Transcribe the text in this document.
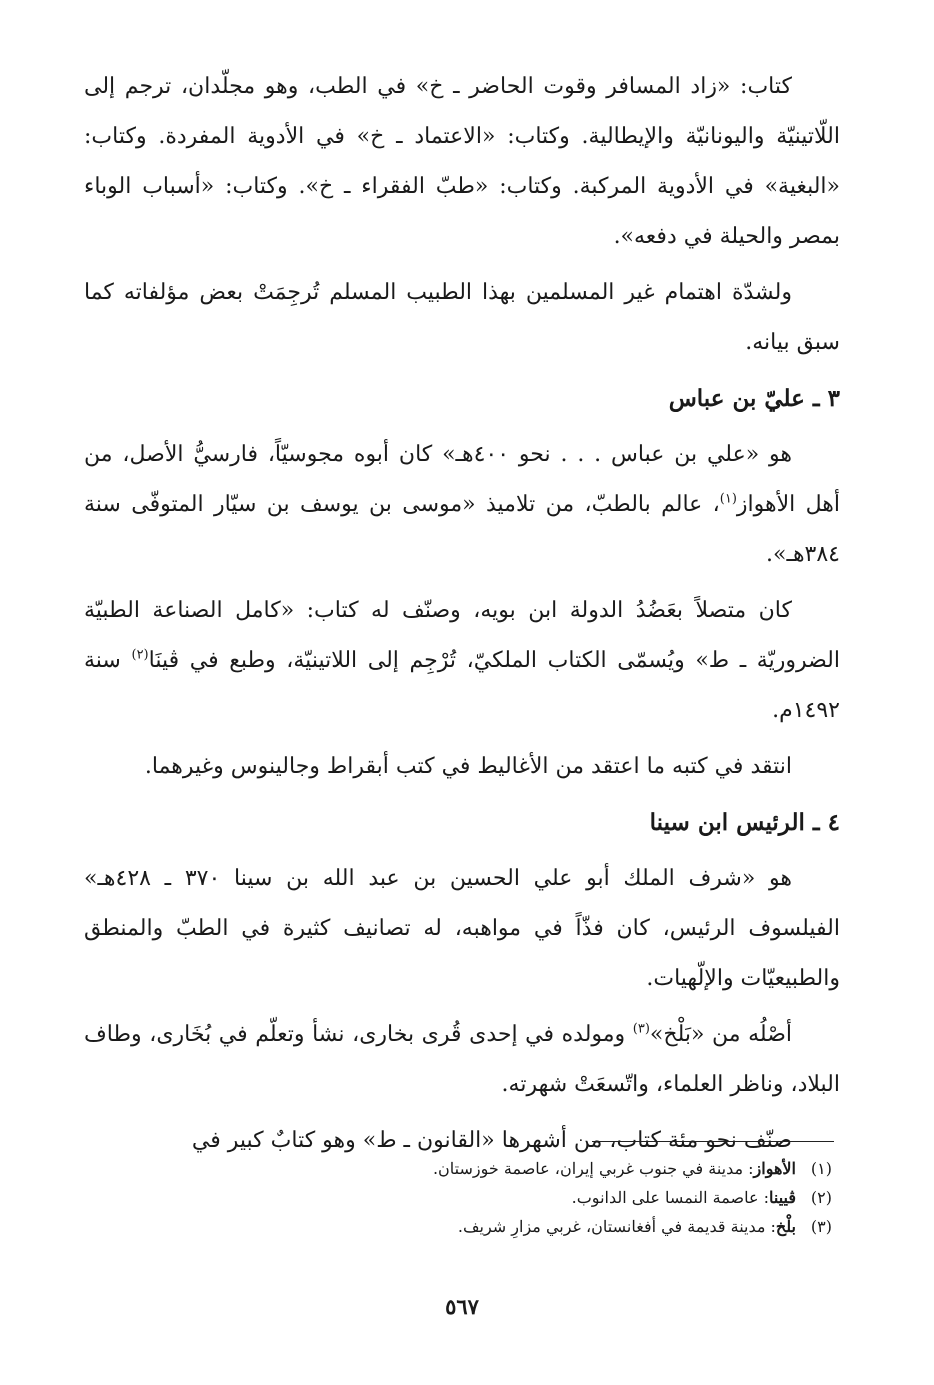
كتاب: «زاد المسافر وقوت الحاضر ـ خ» في الطب، وهو مجلّدان، ترجم إلى اللّاتينيّة واليونانيّة والإيطالية. وكتاب: «الاعتماد ـ خ» في الأدوية المفردة. وكتاب: «البغية» في الأدوية المركبة. وكتاب: «طبّ الفقراء ـ خ». وكتاب: «أسباب الوباء بمصر والحيلة في دفعه».

ولشدّة اهتمام غير المسلمين بهذا الطبيب المسلم تُرجِمَتْ بعض مؤلفاته كما سبق بيانه.

٣ ـ عليّ بن عباس

هو «علي بن عباس . . . نحو ٤٠٠هـ» كان أبوه مجوسيّاً، فارسيُّ الأصل، من أهل الأهواز$^{(١)}$، عالم بالطبّ، من تلاميذ «موسى بن يوسف بن سيّار المتوفّى سنة ٣٨٤هـ».

كان متصلاً بعَضُدُ الدولة ابن بويه، وصنّف له كتاب: «كامل الصناعة الطبيّة الضروريّة ـ ط» ويُسمّى الكتاب الملكيّ، تُرْجِم إلى اللاتينيّة، وطبع في ڤينَا$^{(٢)}$ سنة ١٤٩٢م.

انتقد في كتبه ما اعتقد من الأغاليط في كتب أبقراط وجالينوس وغيرهما.

٤ ـ الرئيس ابن سينا

هو «شرف الملك أبو علي الحسين بن عبد الله بن سينا ٣٧٠ ـ ٤٢٨هـ» الفيلسوف الرئيس، كان فذّاً في مواهبه، له تصانيف كثيرة في الطبّ والمنطق والطبيعيّات والإلّهيات.

أصْلُه من «بَلْخ»$^{(٣)}$ ومولده في إحدى قُرى بخارى، نشأ وتعلّم في بُخَارى، وطاف البلاد، وناظر العلماء، واتّسعَتْ شهرته.

صنّف نحو مئة كتاب، من أشهرها «القانون ـ ط» وهو كتابٌ كبير في

(١)الأهواز: مدينة في جنوب غربي إيران، عاصمة خوزستان.
(٢)ڤيينا: عاصمة النمسا على الدانوب.
(٣)بلْخ: مدينة قديمة في أفغانستان، غربي مزارِ شريف.
٥٦٧
